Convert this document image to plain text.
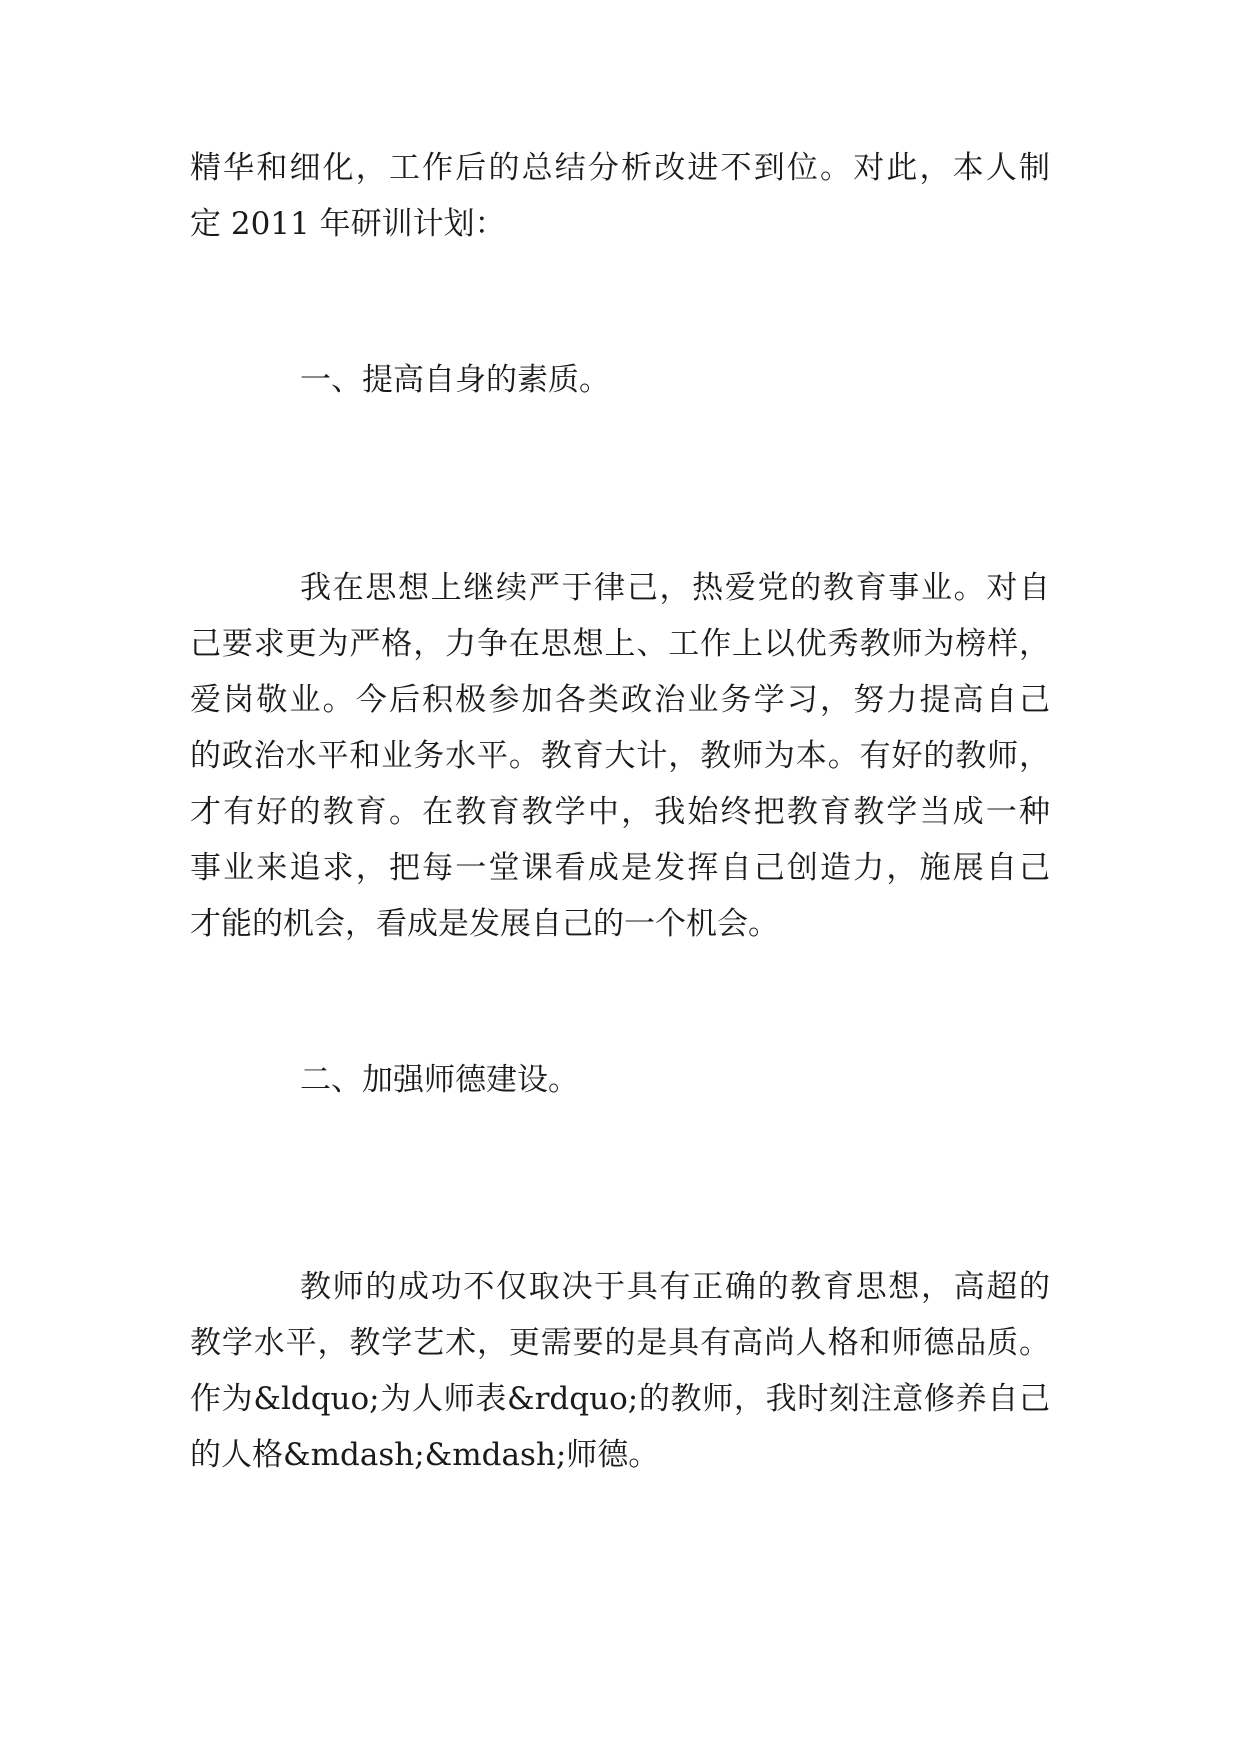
精华和细化，工作后的总结分析改进不到位。对此，本人制

定 2011 年研训计划：

一、提高自身的素质。

我在思想上继续严于律己，热爱党的教育事业。对自

己要求更为严格，力争在思想上、工作上以优秀教师为榜样，

爱岗敬业。今后积极参加各类政治业务学习，努力提高自己

的政治水平和业务水平。教育大计，教师为本。有好的教师，

才有好的教育。在教育教学中，我始终把教育教学当成一种

事业来追求，把每一堂课看成是发挥自己创造力，施展自己

才能的机会，看成是发展自己的一个机会。

二、加强师德建设。

教师的成功不仅取决于具有正确的教育思想，高超的

教学水平，教学艺术，更需要的是具有高尚人格和师德品质。

作为&ldquo;为人师表&rdquo;的教师，我时刻注意修养自己

的人格&mdash;&mdash;师德。
